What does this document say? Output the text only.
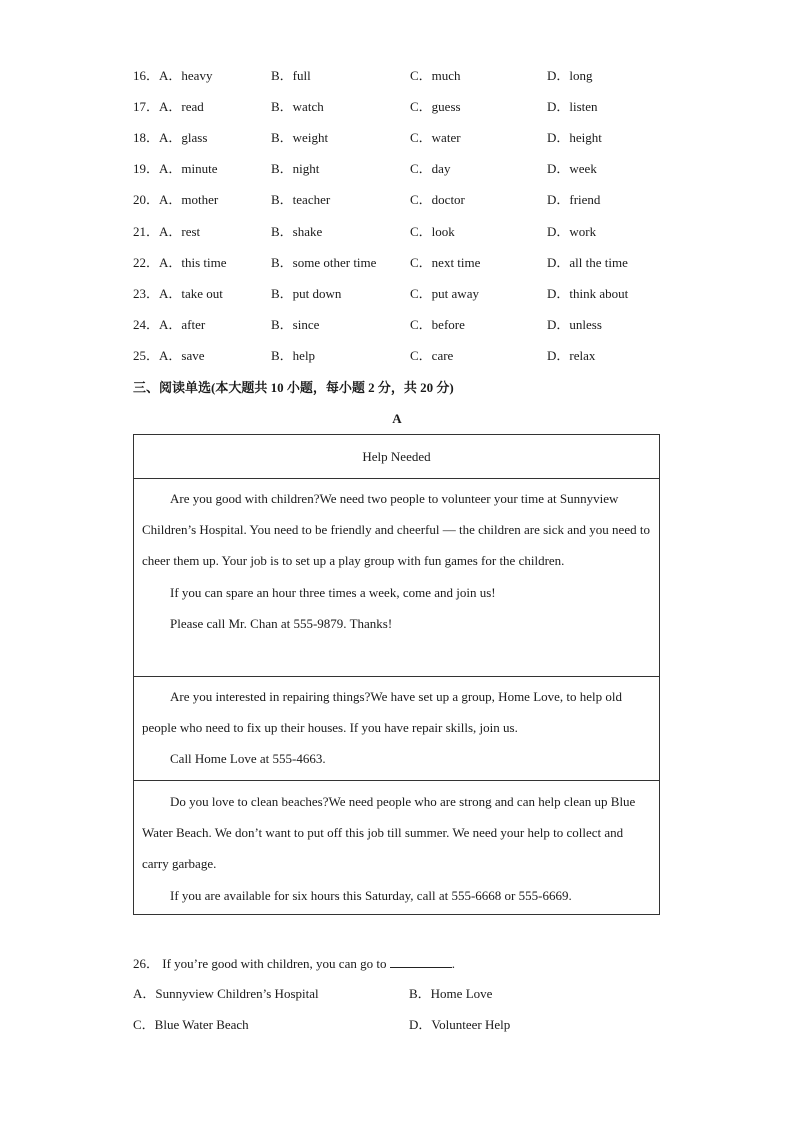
16．A．heavy	B．full	C．much	D．long
17．A．read	B．watch	C．guess	D．listen
18．A．glass	B．weight	C．water	D．height
19．A．minute	B．night	C．day	D．week
20．A．mother	B．teacher	C．doctor	D．friend
21．A．rest	B．shake	C．look	D．work
22．A．this time	B．some other time	C．next time	D．all the time
23．A．take out	B．put down	C．put away	D．think about
24．A．after	B．since	C．before	D．unless
25．A．save	B．help	C．care	D．relax
三、阅读单选(本大题共 10 小题，每小题 2 分，共 20 分)
A
Help Needed

Are you good with children?We need two people to volunteer your time at Sunnyview Children’s Hospital. You need to be friendly and cheerful — the children are sick and you need to cheer them up. Your job is to set up a play group with fun games for the children.

If you can spare an hour three times a week, come and join us!

Please call Mr. Chan at 555-9879. Thanks!

Are you interested in repairing things?We have set up a group, Home Love, to help old people who need to fix up their houses. If you have repair skills, join us.

Call Home Love at 555-4663.

Do you love to clean beaches?We need people who are strong and can help clean up Blue Water Beach. We don’t want to put off this job till summer. We need your help to collect and carry garbage.

If you are available for six hours this Saturday, call at 555-6668 or 555-6669.

26． If you’re good with children, you can go to	.
A．Sunnyview Children’s Hospital	B．Home Love
C．Blue Water Beach	D．Volunteer Help
